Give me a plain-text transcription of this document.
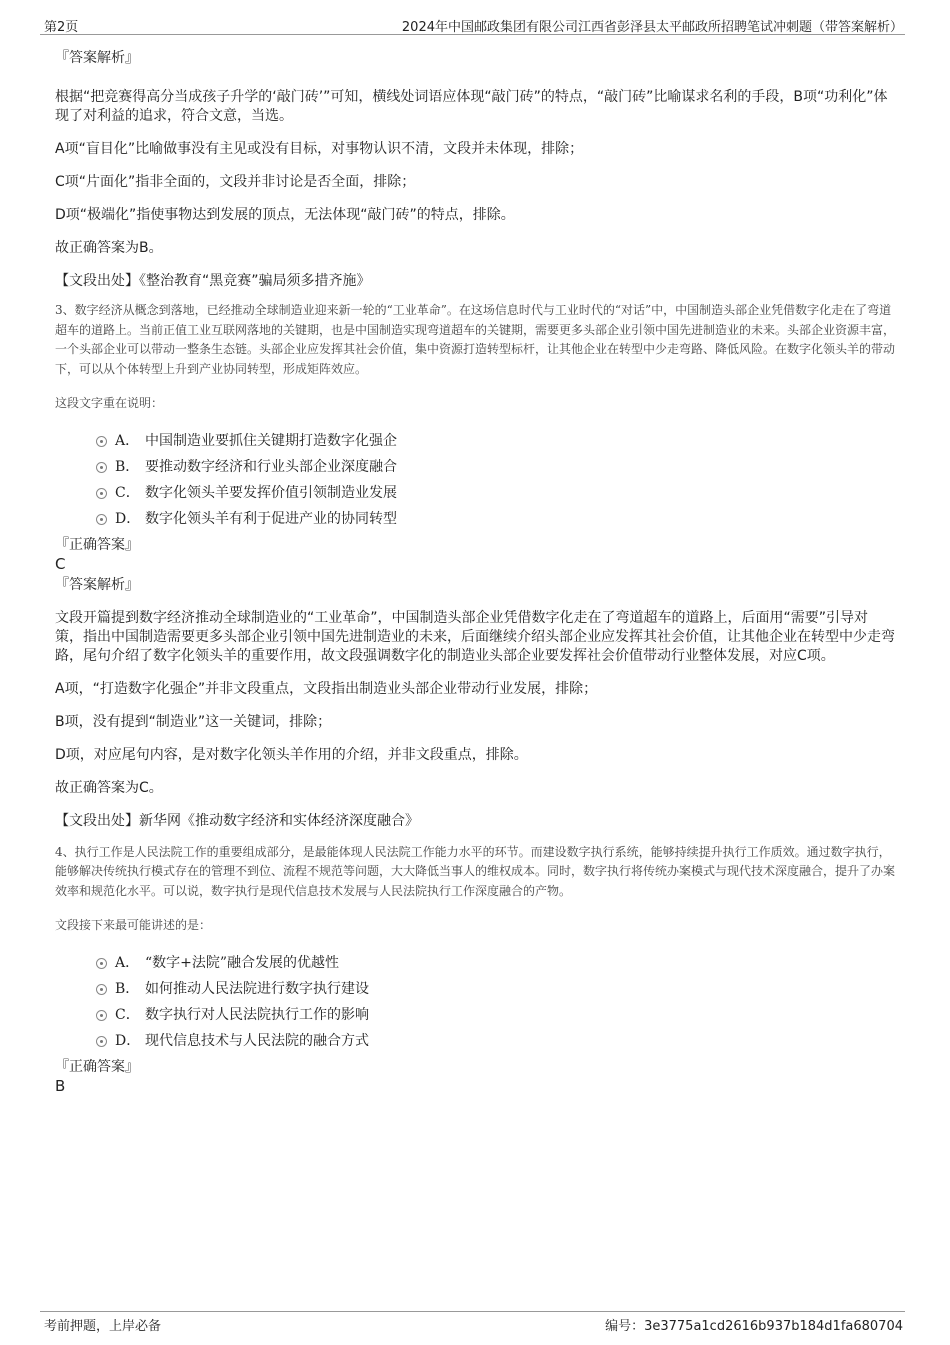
第2页	2024年中国邮政集团有限公司江西省彭泽县太平邮政所招聘笔试冲刺题（带答案解析）

『答案解析』

根据“把竞赛得高分当成孩子升学的‘敲门砖’”可知，横线处词语应体现“敲门砖”的特点，“敲门砖”比喻谋求名利的手段，B项“功利化”体现了对利益的追求，符合文意，当选。

A项“盲目化”比喻做事没有主见或没有目标，对事物认识不清，文段并未体现，排除；

C项“片面化”指非全面的，文段并非讨论是否全面，排除；

D项“极端化”指使事物达到发展的顶点，无法体现“敲门砖”的特点，排除。

故正确答案为B。

【文段出处】《整治教育“黑竞赛”骗局须多措齐施》

3、数字经济从概念到落地，已经推动全球制造业迎来新一轮的“工业革命”。在这场信息时代与工业时代的“对话”中，中国制造头部企业凭借数字化走在了弯道超车的道路上。当前正值工业互联网落地的关键期，也是中国制造实现弯道超车的关键期，需要更多头部企业引领中国先进制造业的未来。头部企业资源丰富，一个头部企业可以带动一整条生态链。头部企业应发挥其社会价值，集中资源打造转型标杆，让其他企业在转型中少走弯路、降低风险。在数字化领头羊的带动下，可以从个体转型上升到产业协同转型，形成矩阵效应。

这段文字重在说明：

A． 中国制造业要抓住关键期打造数字化强企
B． 要推动数字经济和行业头部企业深度融合
C． 数字化领头羊要发挥价值引领制造业发展
D． 数字化领头羊有利于促进产业的协同转型

『正确答案』

C

『答案解析』

文段开篇提到数字经济推动全球制造业的“工业革命”，中国制造头部企业凭借数字化走在了弯道超车的道路上，后面用“需要”引导对策，指出中国制造需要更多头部企业引领中国先进制造业的未来，后面继续介绍头部企业应发挥其社会价值，让其他企业在转型中少走弯路，尾句介绍了数字化领头羊的重要作用，故文段强调数字化的制造业头部企业要发挥社会价值带动行业整体发展，对应C项。

A项，“打造数字化强企”并非文段重点，文段指出制造业头部企业带动行业发展，排除；

B项，没有提到“制造业”这一关键词，排除；

D项，对应尾句内容，是对数字化领头羊作用的介绍，并非文段重点，排除。

故正确答案为C。

【文段出处】新华网《推动数字经济和实体经济深度融合》

4、执行工作是人民法院工作的重要组成部分，是最能体现人民法院工作能力水平的环节。而建设数字执行系统，能够持续提升执行工作质效。通过数字执行，能够解决传统执行模式存在的管理不到位、流程不规范等问题，大大降低当事人的维权成本。同时，数字执行将传统办案模式与现代技术深度融合，提升了办案效率和规范化水平。可以说，数字执行是现代信息技术发展与人民法院执行工作深度融合的产物。

文段接下来最可能讲述的是：

A． “数字+法院”融合发展的优越性
B． 如何推动人民法院进行数字执行建设
C． 数字执行对人民法院执行工作的影响
D． 现代信息技术与人民法院的融合方式

『正确答案』

B

考前押题，上岸必备	编号：3e3775a1cd2616b937b184d1fa680704
